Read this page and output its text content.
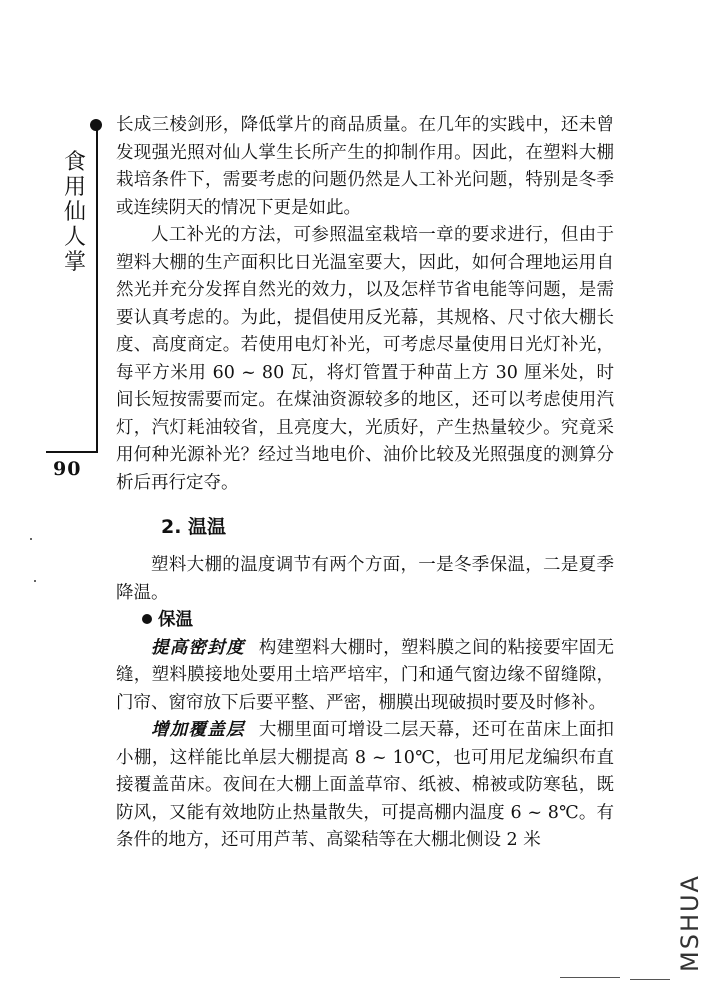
食用仙人掌
90

长成三棱剑形，降低掌片的商品质量。在几年的实践中，还未曾发现强光照对仙人掌生长所产生的抑制作用。因此，在塑料大棚栽培条件下，需要考虑的问题仍然是人工补光问题，特别是冬季或连续阴天的情况下更是如此。

人工补光的方法，可参照温室栽培一章的要求进行，但由于塑料大棚的生产面积比日光温室要大，因此，如何合理地运用自然光并充分发挥自然光的效力，以及怎样节省电能等问题，是需要认真考虑的。为此，提倡使用反光幕，其规格、尺寸依大棚长度、高度商定。若使用电灯补光，可考虑尽量使用日光灯补光，每平方米用 60 ~ 80 瓦，将灯管置于种苗上方 30 厘米处，时间长短按需要而定。在煤油资源较多的地区，还可以考虑使用汽灯，汽灯耗油较省，且亮度大，光质好，产生热量较少。究竟采用何种光源补光？经过当地电价、油价比较及光照强度的测算分析后再行定夺。

2. 温温

塑料大棚的温度调节有两个方面，一是冬季保温，二是夏季降温。

保温

提高密封度 构建塑料大棚时，塑料膜之间的粘接要牢固无缝，塑料膜接地处要用土培严培牢，门和通气窗边缘不留缝隙，门帘、窗帘放下后要平整、严密，棚膜出现破损时要及时修补。

增加覆盖层 大棚里面可增设二层天幕，还可在苗床上面扣小棚，这样能比单层大棚提高 8 ~ 10℃，也可用尼龙编织布直接覆盖苗床。夜间在大棚上面盖草帘、纸被、棉被或防寒毡，既防风，又能有效地防止热量散失，可提高棚内温度 6 ~ 8℃。有条件的地方，还可用芦苇、高粱秸等在大棚北侧设 2 米

MSHUA
